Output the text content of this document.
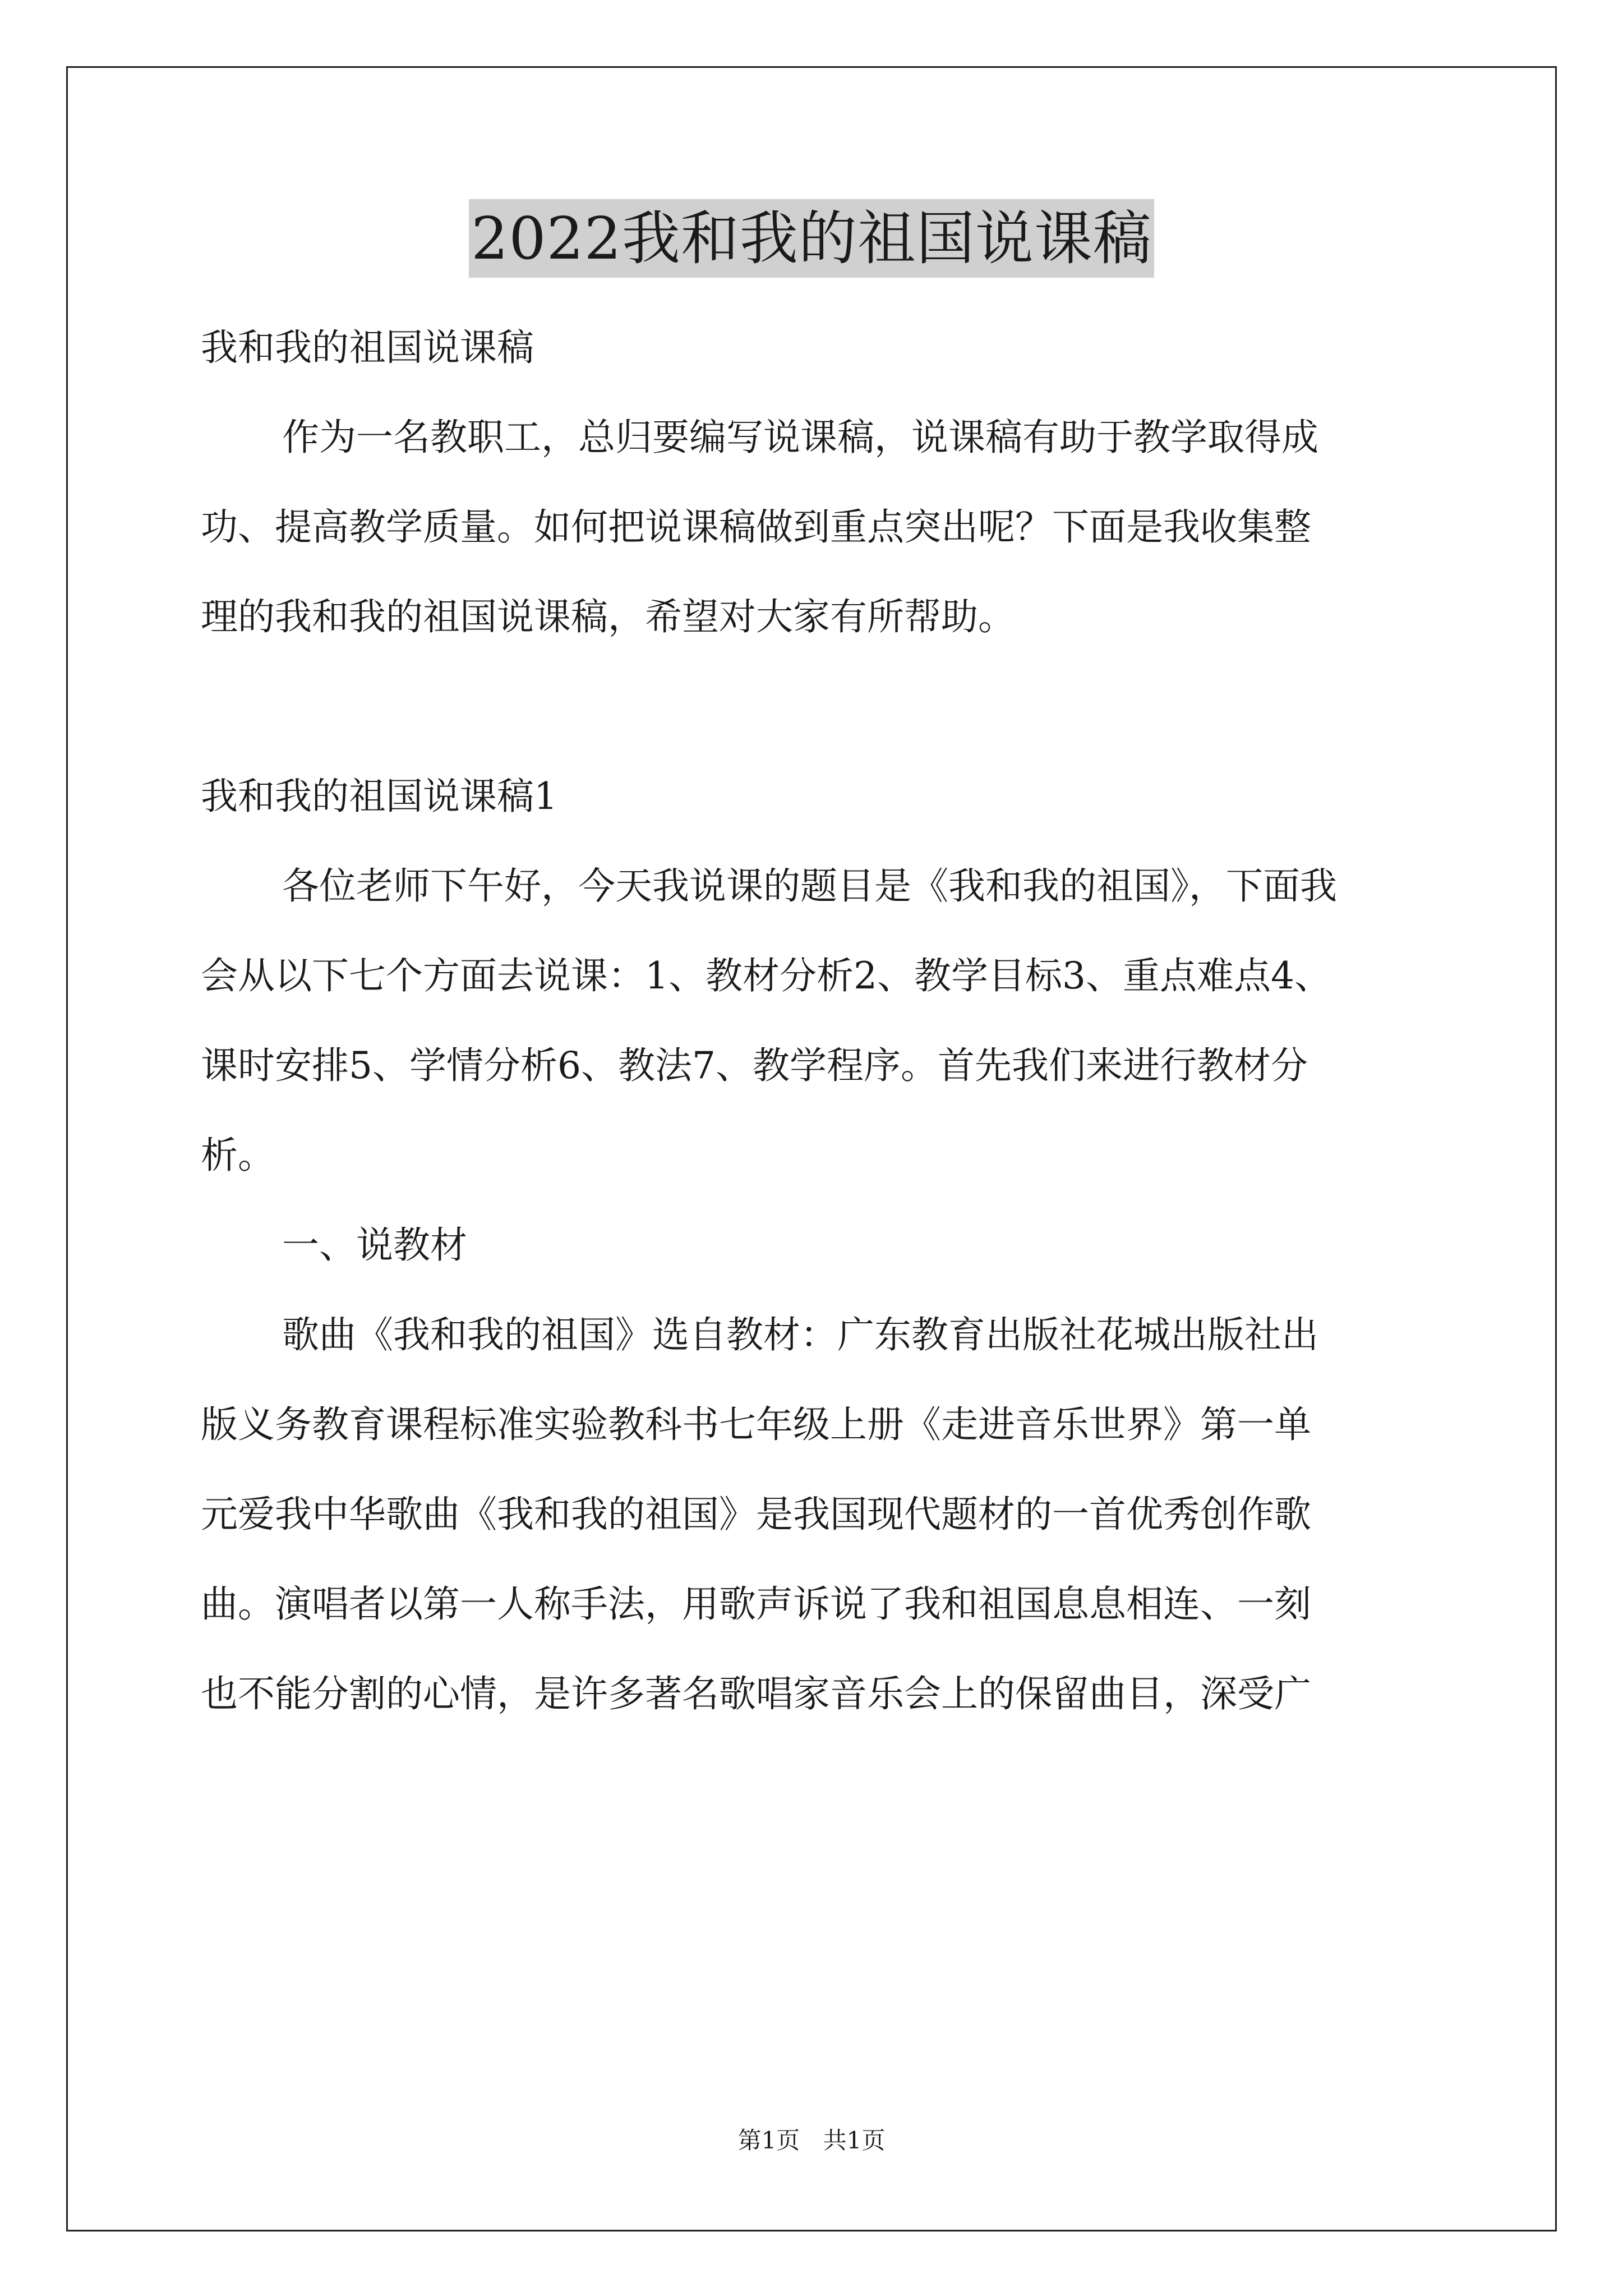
2022我和我的祖国说课稿

我和我的祖国说课稿

作为一名教职工，总归要编写说课稿，说课稿有助于教学取得成

功、提高教学质量。如何把说课稿做到重点突出呢？下面是我收集整

理的我和我的祖国说课稿，希望对大家有所帮助。

我和我的祖国说课稿1

各位老师下午好，今天我说课的题目是《我和我的祖国》，下面我

会从以下七个方面去说课：1、教材分析2、教学目标3、重点难点4、

课时安排5、学情分析6、教法7、教学程序。首先我们来进行教材分

析。

一、说教材

歌曲《我和我的祖国》选自教材：广东教育出版社花城出版社出

版义务教育课程标准实验教科书七年级上册《走进音乐世界》第一单

元爱我中华歌曲《我和我的祖国》是我国现代题材的一首优秀创作歌

曲。演唱者以第一人称手法，用歌声诉说了我和祖国息息相连、一刻

也不能分割的心情，是许多著名歌唱家音乐会上的保留曲目，深受广

第1页 共1页
